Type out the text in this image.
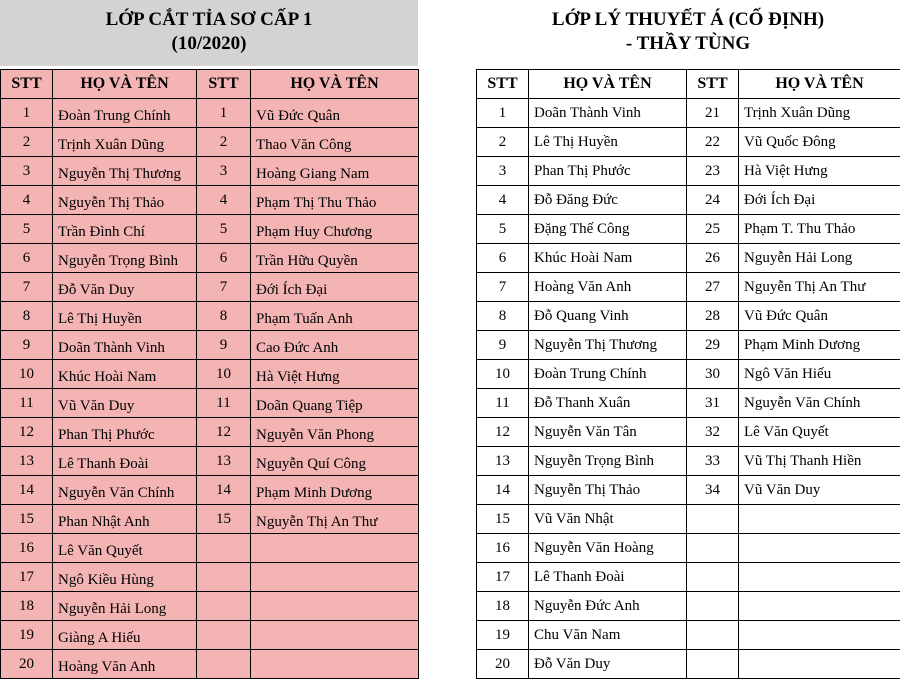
LỚP CẮT TỈA SƠ CẤP 1
(10/2020)
STT	HỌ VÀ TÊN	STT	HỌ VÀ TÊN
1	Đoàn Trung Chính	1	Vũ Đức Quân
2	Trịnh Xuân Dũng	2	Thao Văn Công
3	Nguyễn Thị Thương	3	Hoàng Giang Nam
4	Nguyễn Thị Thảo	4	Phạm Thị Thu Thảo
5	Trần Đình Chí	5	Phạm Huy Chương
6	Nguyễn Trọng Bình	6	Trần Hữu Quyền
7	Đỗ Văn Duy	7	Đới Ích Đại
8	Lê Thị Huyền	8	Phạm Tuấn Anh
9	Doãn Thành Vinh	9	Cao Đức Anh
10	Khúc Hoài Nam	10	Hà Việt Hưng
11	Vũ Văn Duy	11	Doãn Quang Tiệp
12	Phan Thị Phước	12	Nguyễn Văn Phong
13	Lê Thanh Đoài	13	Nguyễn Quí Công
14	Nguyễn Văn Chính	14	Phạm Minh Dương
15	Phan Nhật Anh	15	Nguyễn Thị An Thư
16	Lê Văn Quyết		
17	Ngô Kiều Hùng		
18	Nguyễn Hải Long		
19	Giàng A Hiếu		
20	Hoàng Văn Anh		
LỚP LÝ THUYẾT Á (CỐ ĐỊNH)
- THẦY TÙNG
STT	HỌ VÀ TÊN	STT	HỌ VÀ TÊN
1	Doãn Thành Vinh	21	Trịnh Xuân Dũng
2	Lê Thị Huyền	22	Vũ Quốc Đông
3	Phan Thị Phước	23	Hà Việt Hưng
4	Đỗ Đăng Đức	24	Đới Ích Đại
5	Đặng Thế Công	25	Phạm T. Thu Thảo
6	Khúc Hoài Nam	26	Nguyễn Hải Long
7	Hoàng Văn Anh	27	Nguyễn Thị An Thư
8	Đỗ Quang Vinh	28	Vũ Đức Quân
9	Nguyễn Thị Thương	29	Phạm Minh Dương
10	Đoàn Trung Chính	30	Ngô Văn Hiếu
11	Đỗ Thanh Xuân	31	Nguyễn Văn Chính
12	Nguyễn Văn Tân	32	Lê Văn Quyết
13	Nguyễn Trọng Bình	33	Vũ Thị Thanh Hiền
14	Nguyễn Thị Thảo	34	Vũ Văn Duy
15	Vũ Văn Nhật		
16	Nguyễn Văn Hoàng		
17	Lê Thanh Đoài		
18	Nguyễn Đức Anh		
19	Chu Văn Nam		
20	Đỗ Văn Duy		
